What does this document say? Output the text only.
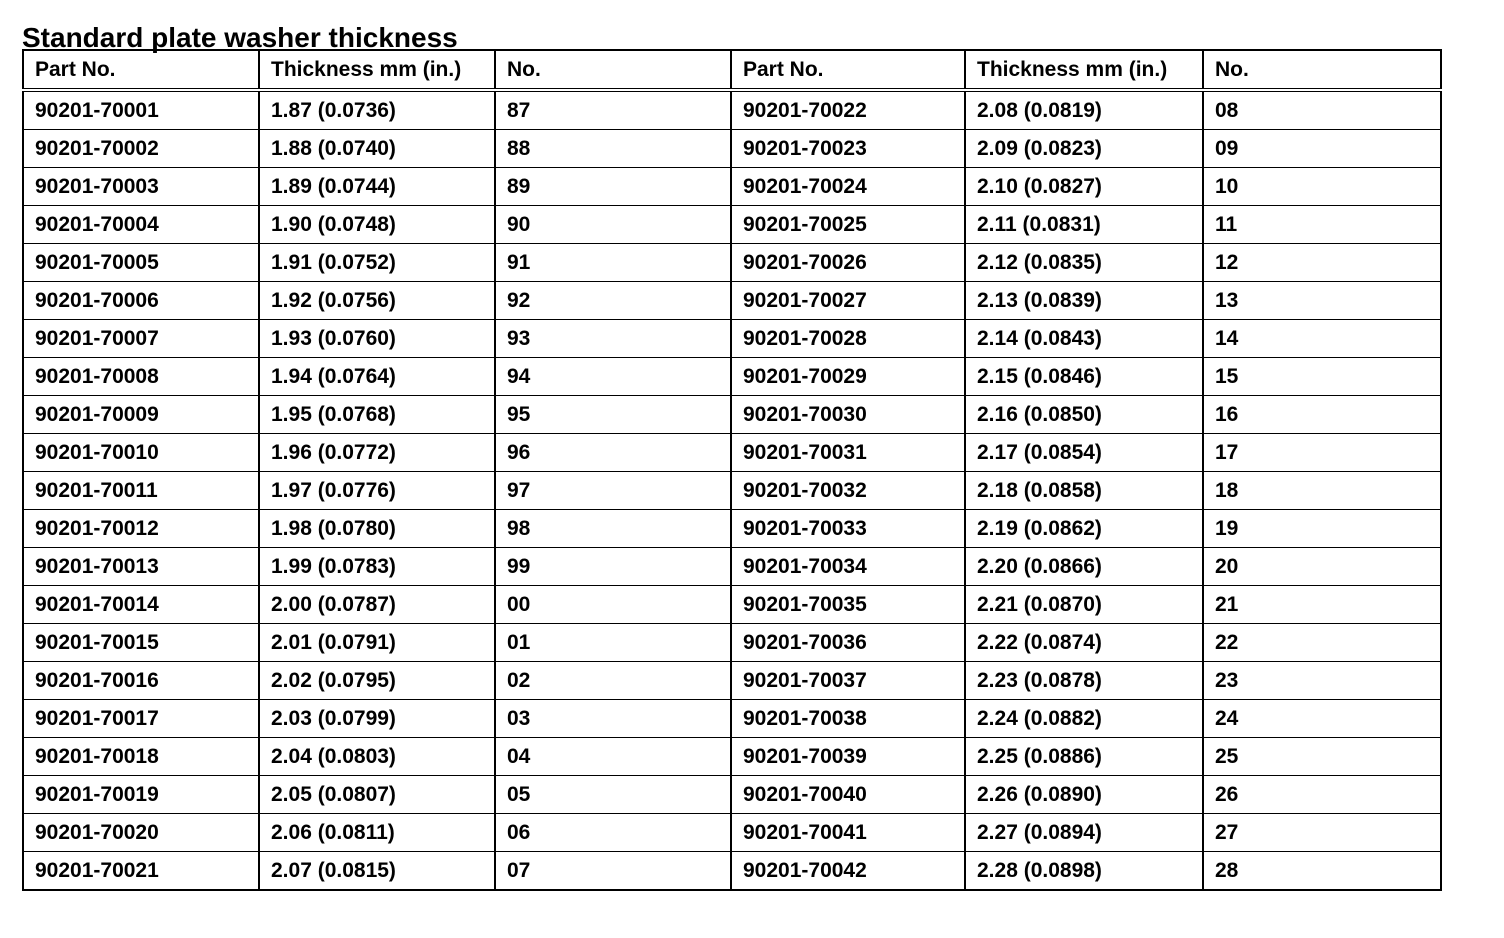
Standard plate washer thickness
Part No.	Thickness mm (in.)	No.	Part No.	Thickness mm (in.)	No.
90201-70001	1.87 (0.0736)	87	90201-70022	2.08 (0.0819)	08
90201-70002	1.88 (0.0740)	88	90201-70023	2.09 (0.0823)	09
90201-70003	1.89 (0.0744)	89	90201-70024	2.10 (0.0827)	10
90201-70004	1.90 (0.0748)	90	90201-70025	2.11 (0.0831)	11
90201-70005	1.91 (0.0752)	91	90201-70026	2.12 (0.0835)	12
90201-70006	1.92 (0.0756)	92	90201-70027	2.13 (0.0839)	13
90201-70007	1.93 (0.0760)	93	90201-70028	2.14 (0.0843)	14
90201-70008	1.94 (0.0764)	94	90201-70029	2.15 (0.0846)	15
90201-70009	1.95 (0.0768)	95	90201-70030	2.16 (0.0850)	16
90201-70010	1.96 (0.0772)	96	90201-70031	2.17 (0.0854)	17
90201-70011	1.97 (0.0776)	97	90201-70032	2.18 (0.0858)	18
90201-70012	1.98 (0.0780)	98	90201-70033	2.19 (0.0862)	19
90201-70013	1.99 (0.0783)	99	90201-70034	2.20 (0.0866)	20
90201-70014	2.00 (0.0787)	00	90201-70035	2.21 (0.0870)	21
90201-70015	2.01 (0.0791)	01	90201-70036	2.22 (0.0874)	22
90201-70016	2.02 (0.0795)	02	90201-70037	2.23 (0.0878)	23
90201-70017	2.03 (0.0799)	03	90201-70038	2.24 (0.0882)	24
90201-70018	2.04 (0.0803)	04	90201-70039	2.25 (0.0886)	25
90201-70019	2.05 (0.0807)	05	90201-70040	2.26 (0.0890)	26
90201-70020	2.06 (0.0811)	06	90201-70041	2.27 (0.0894)	27
90201-70021	2.07 (0.0815)	07	90201-70042	2.28 (0.0898)	28
